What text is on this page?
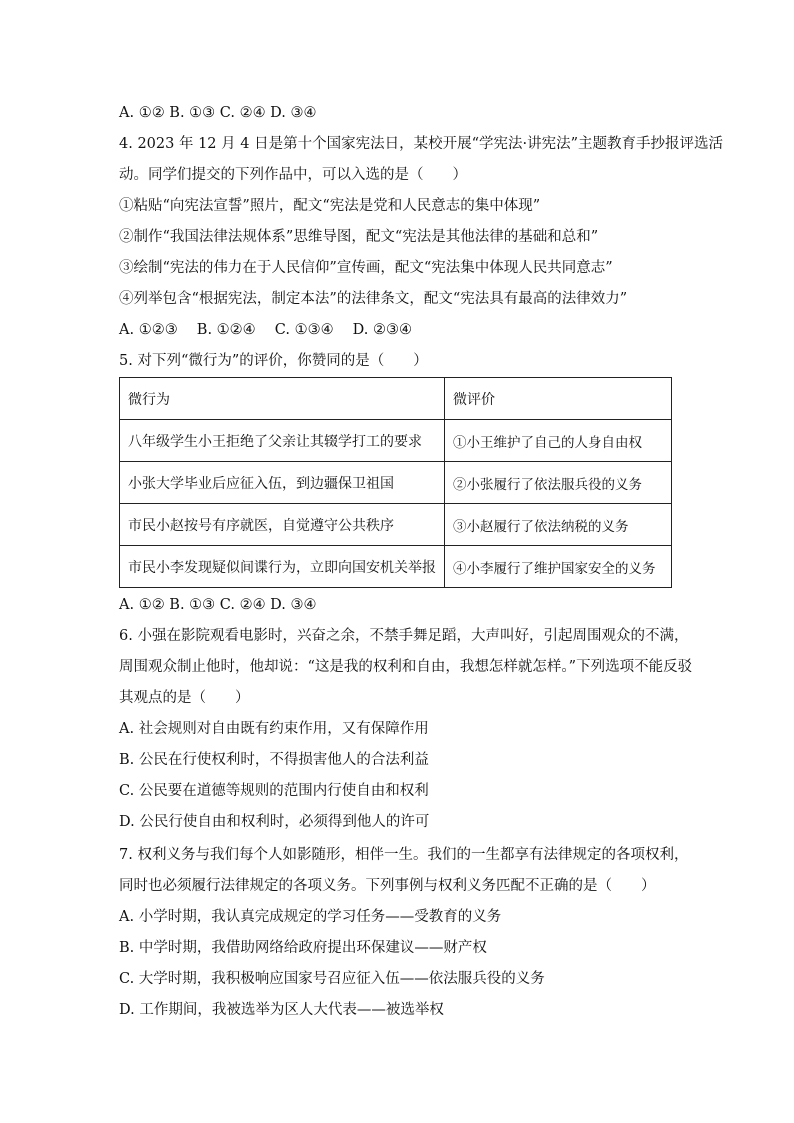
A. ①② B. ①③ C. ②④ D. ③④
4. 2023 年 12 月 4 日是第十个国家宪法日，某校开展“学宪法·讲宪法”主题教育手抄报评选活
动。同学们提交的下列作品中，可以入选的是（　　）
①粘贴“向宪法宣誓”照片，配文“宪法是党和人民意志的集中体现”
②制作“我国法律法规体系”思维导图，配文“宪法是其他法律的基础和总和”
③绘制“宪法的伟力在于人民信仰”宣传画，配文“宪法集中体现人民共同意志”
④列举包含“根据宪法，制定本法”的法律条文，配文“宪法具有最高的法律效力”
A. ①②③　 B. ①②④　 C. ①③④　 D. ②③④
5. 对下列“微行为”的评价，你赞同的是（　　）
微行为	微评价
八年级学生小王拒绝了父亲让其辍学打工的要求	①小王维护了自己的人身自由权
小张大学毕业后应征入伍，到边疆保卫祖国	②小张履行了依法服兵役的义务
市民小赵按号有序就医，自觉遵守公共秩序	③小赵履行了依法纳税的义务
市民小李发现疑似间谍行为，立即向国安机关举报	④小李履行了维护国家安全的义务
A. ①② B. ①③ C. ②④ D. ③④
6. 小强在影院观看电影时，兴奋之余，不禁手舞足蹈，大声叫好，引起周围观众的不满，
周围观众制止他时，他却说：“这是我的权利和自由，我想怎样就怎样。”下列选项不能反驳
其观点的是（　　）
A. 社会规则对自由既有约束作用，又有保障作用
B. 公民在行使权利时，不得损害他人的合法利益
C. 公民要在道德等规则的范围内行使自由和权利
D. 公民行使自由和权利时，必须得到他人的许可
7. 权利义务与我们每个人如影随形，相伴一生。我们的一生都享有法律规定的各项权利，
同时也必须履行法律规定的各项义务。下列事例与权利义务匹配不正确的是（　　）
A. 小学时期，我认真完成规定的学习任务——受教育的义务
B. 中学时期，我借助网络给政府提出环保建议——财产权
C. 大学时期，我积极响应国家号召应征入伍——依法服兵役的义务
D. 工作期间，我被选举为区人大代表——被选举权
